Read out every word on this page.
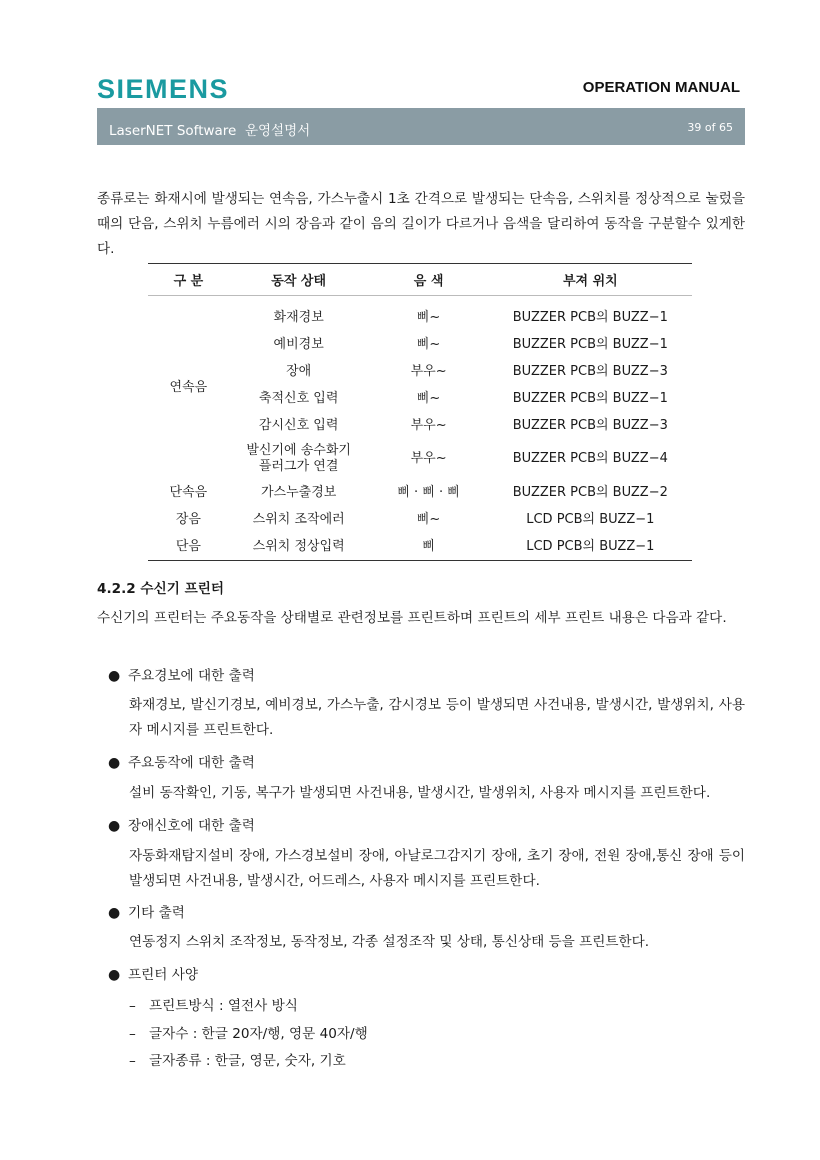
SIEMENS	OPERATION MANUAL
LaserNET Software  운영설명서	39 of 65
종류로는 화재시에 발생되는 연속음, 가스누출시 1초 간격으로 발생되는 단속음, 스위치를 정상적으로 눌렀을 때의 단음, 스위치 누름에러 시의 장음과 같이 음의 길이가 다르거나 음색을 달리하여 동작을 구분할수 있게한다.
구 분	동작 상태	음 색	부져 위치
연속음	화재경보	삐~	BUZZER PCB의 BUZZ−1
	예비경보	삐~	BUZZER PCB의 BUZZ−1
	장애	부우~	BUZZER PCB의 BUZZ−3
	축적신호 입력	삐~	BUZZER PCB의 BUZZ−1
	감시신호 입력	부우~	BUZZER PCB의 BUZZ−3

	발신기에 송수화기
플러그가 연결	부우~	BUZZER PCB의 BUZZ−4
단속음	가스누출경보	삐 · 삐 · 삐	BUZZER PCB의 BUZZ−2
장음	스위치 조작에러	삐~	LCD PCB의 BUZZ−1
단음	스위치 정상입력	삐	LCD PCB의 BUZZ−1
4.2.2 수신기 프린터
수신기의 프린터는 주요동작을 상태별로 관련정보를 프린트하며 프린트의 세부 프린트 내용은 다음과 같다.
● 주요경보에 대한 출력
화재경보, 발신기경보, 예비경보, 가스누출, 감시경보 등이 발생되면 사건내용, 발생시간, 발생위치, 사용자 메시지를 프린트한다.
● 주요동작에 대한 출력
설비 동작확인, 기동, 복구가 발생되면 사건내용, 발생시간, 발생위치, 사용자 메시지를 프린트한다.
● 장애신호에 대한 출력
자동화재탐지설비 장애, 가스경보설비 장애, 아날로그감지기 장애, 초기 장애, 전원 장애,통신 장애 등이 발생되면 사건내용, 발생시간, 어드레스, 사용자 메시지를 프린트한다.
● 기타 출력
연동정지 스위치 조작정보, 동작정보, 각종 설정조작 및 상태, 통신상태 등을 프린트한다.
● 프린터 사양
– 프린트방식 : 열전사 방식
– 글자수 : 한글 20자/행, 영문 40자/행
– 글자종류 : 한글, 영문, 숫자, 기호
